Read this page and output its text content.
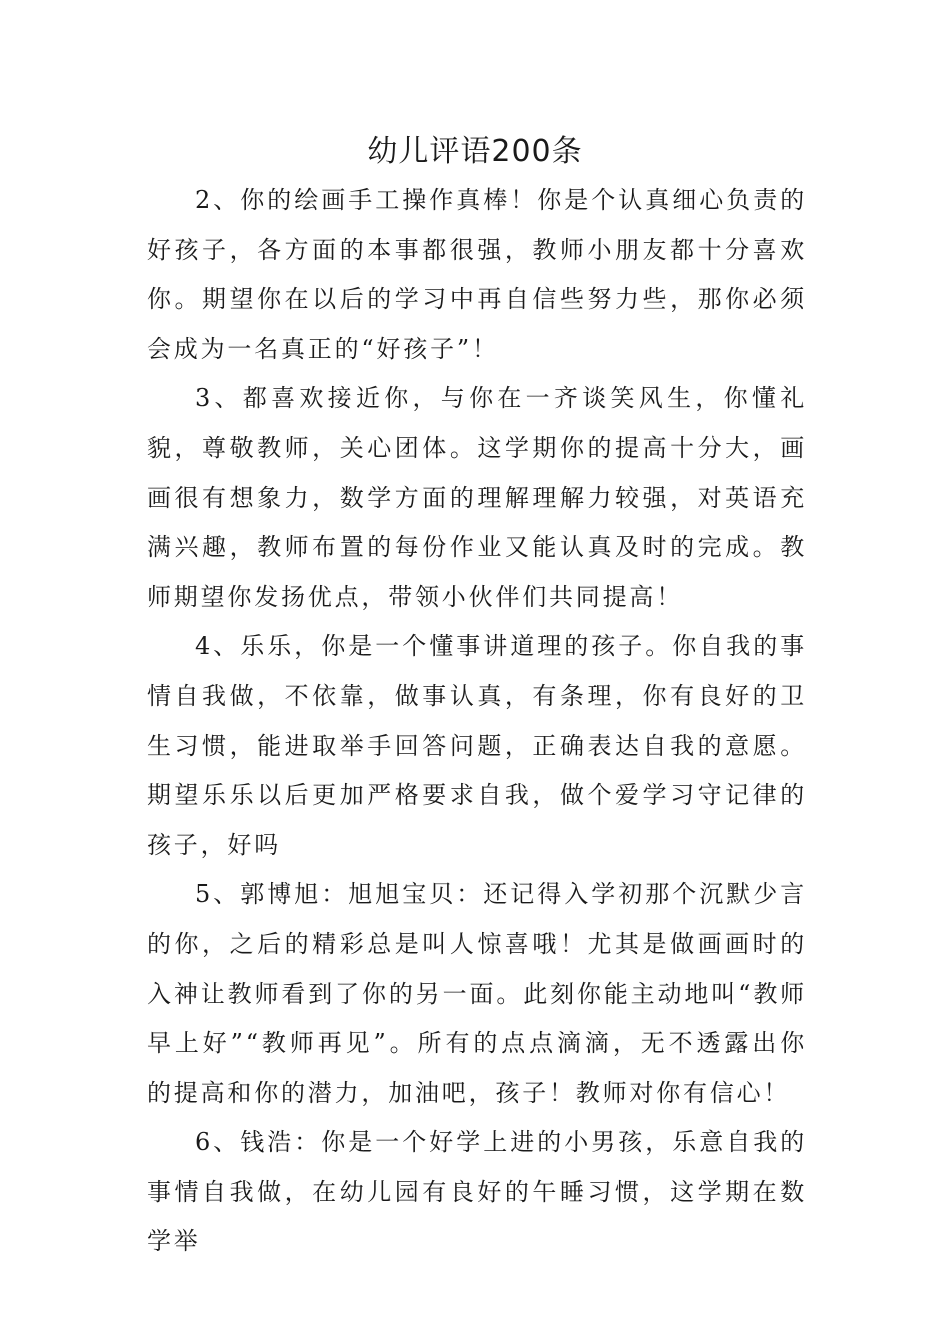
幼儿评语200条

2、你的绘画手工操作真棒！你是个认真细心负责的好孩子，各方面的本事都很强，教师小朋友都十分喜欢你。期望你在以后的学习中再自信些努力些，那你必须会成为一名真正的“好孩子”！

3、都喜欢接近你，与你在一齐谈笑风生，你懂礼貌，尊敬教师，关心团体。这学期你的提高十分大，画画很有想象力，数学方面的理解理解力较强，对英语充满兴趣，教师布置的每份作业又能认真及时的完成。教师期望你发扬优点，带领小伙伴们共同提高！

4、乐乐，你是一个懂事讲道理的孩子。你自我的事情自我做，不依靠，做事认真，有条理，你有良好的卫生习惯，能进取举手回答问题，正确表达自我的意愿。期望乐乐以后更加严格要求自我，做个爱学习守记律的孩子，好吗

5、郭博旭：旭旭宝贝：还记得入学初那个沉默少言的你，之后的精彩总是叫人惊喜哦！尤其是做画画时的入神让教师看到了你的另一面。此刻你能主动地叫“教师早上好”“教师再见”。所有的点点滴滴，无不透露出你的提高和你的潜力，加油吧，孩子！教师对你有信心！

6、钱浩：你是一个好学上进的小男孩，乐意自我的事情自我做，在幼儿园有良好的午睡习惯，这学期在数学举
